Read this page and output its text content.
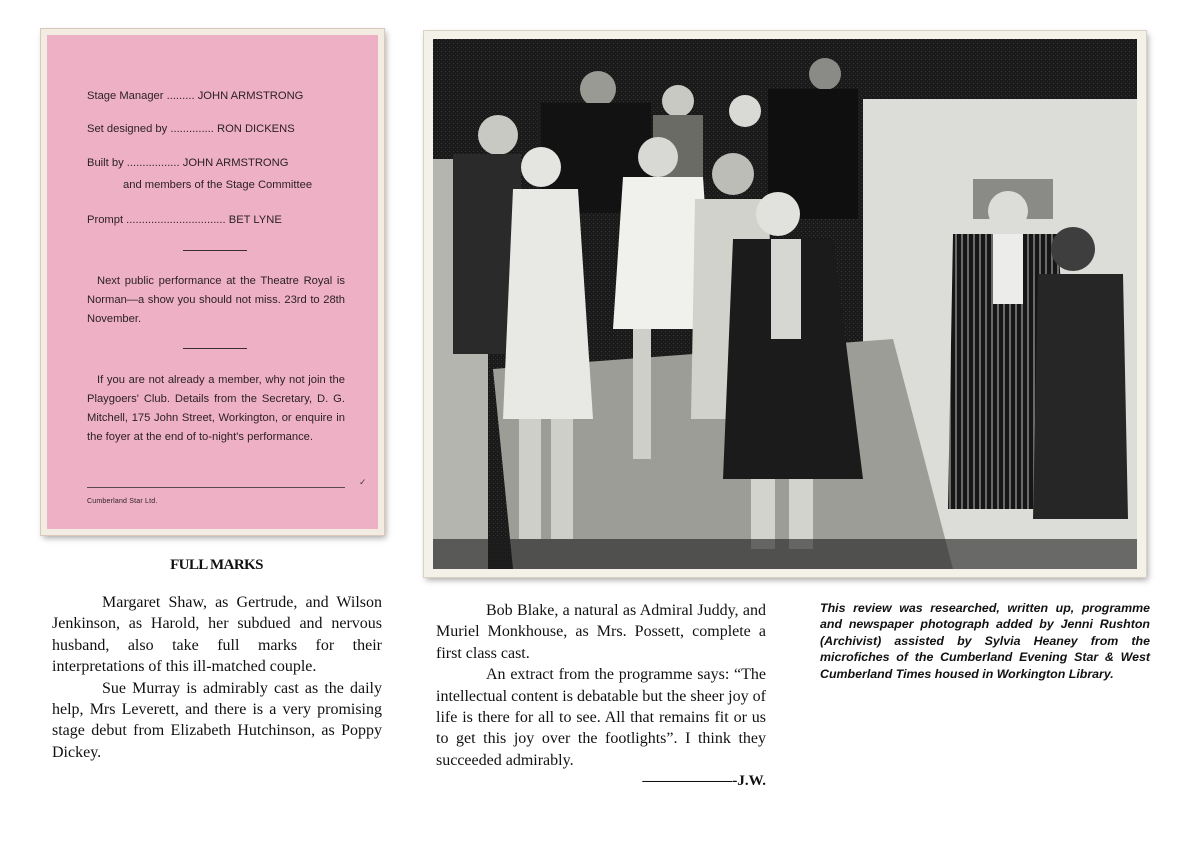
Stage Manager ......... JOHN ARMSTRONG
Set designed by .............. RON DICKENS
Built by ................. JOHN ARMSTRONG
and members of the Stage Committee
Prompt ................................ BET LYNE
Next public performance at the Theatre Royal is Norman—a show you should not miss. 23rd to 28th November.
If you are not already a member, why not join the Playgoers' Club. Details from the Secretary, D. G. Mitchell, 175 John Street, Workington, or enquire in the foyer at the end of to-night's performance.
Cumberland Star Ltd.
✓
FULL MARKS

Margaret Shaw, as Gertrude, and Wilson Jenkinson, as Harold, her subdued and nervous husband, also take full marks for their interpretations of this ill-matched couple.

Sue Murray is admirably cast as the daily help, Mrs Leverett, and there is a very promising stage debut from Elizabeth Hutchinson, as Poppy Dickey.

Bob Blake, a natural as Admiral Juddy, and Muriel Monkhouse, as Mrs. Possett, complete a first class cast.

An extract from the programme says: “The intellectual content is debatable but the sheer joy of life is there for all to see. All that remains fit or us to get this joy over the footlights”. I think they succeeded admirably.

——————-J.W.
This review was researched, written up, programme and newspaper photograph added by Jenni Rushton (Archivist) assisted by Sylvia Heaney from the microfiches of the Cumberland Evening Star & West Cumberland Times housed in Workington Library.
